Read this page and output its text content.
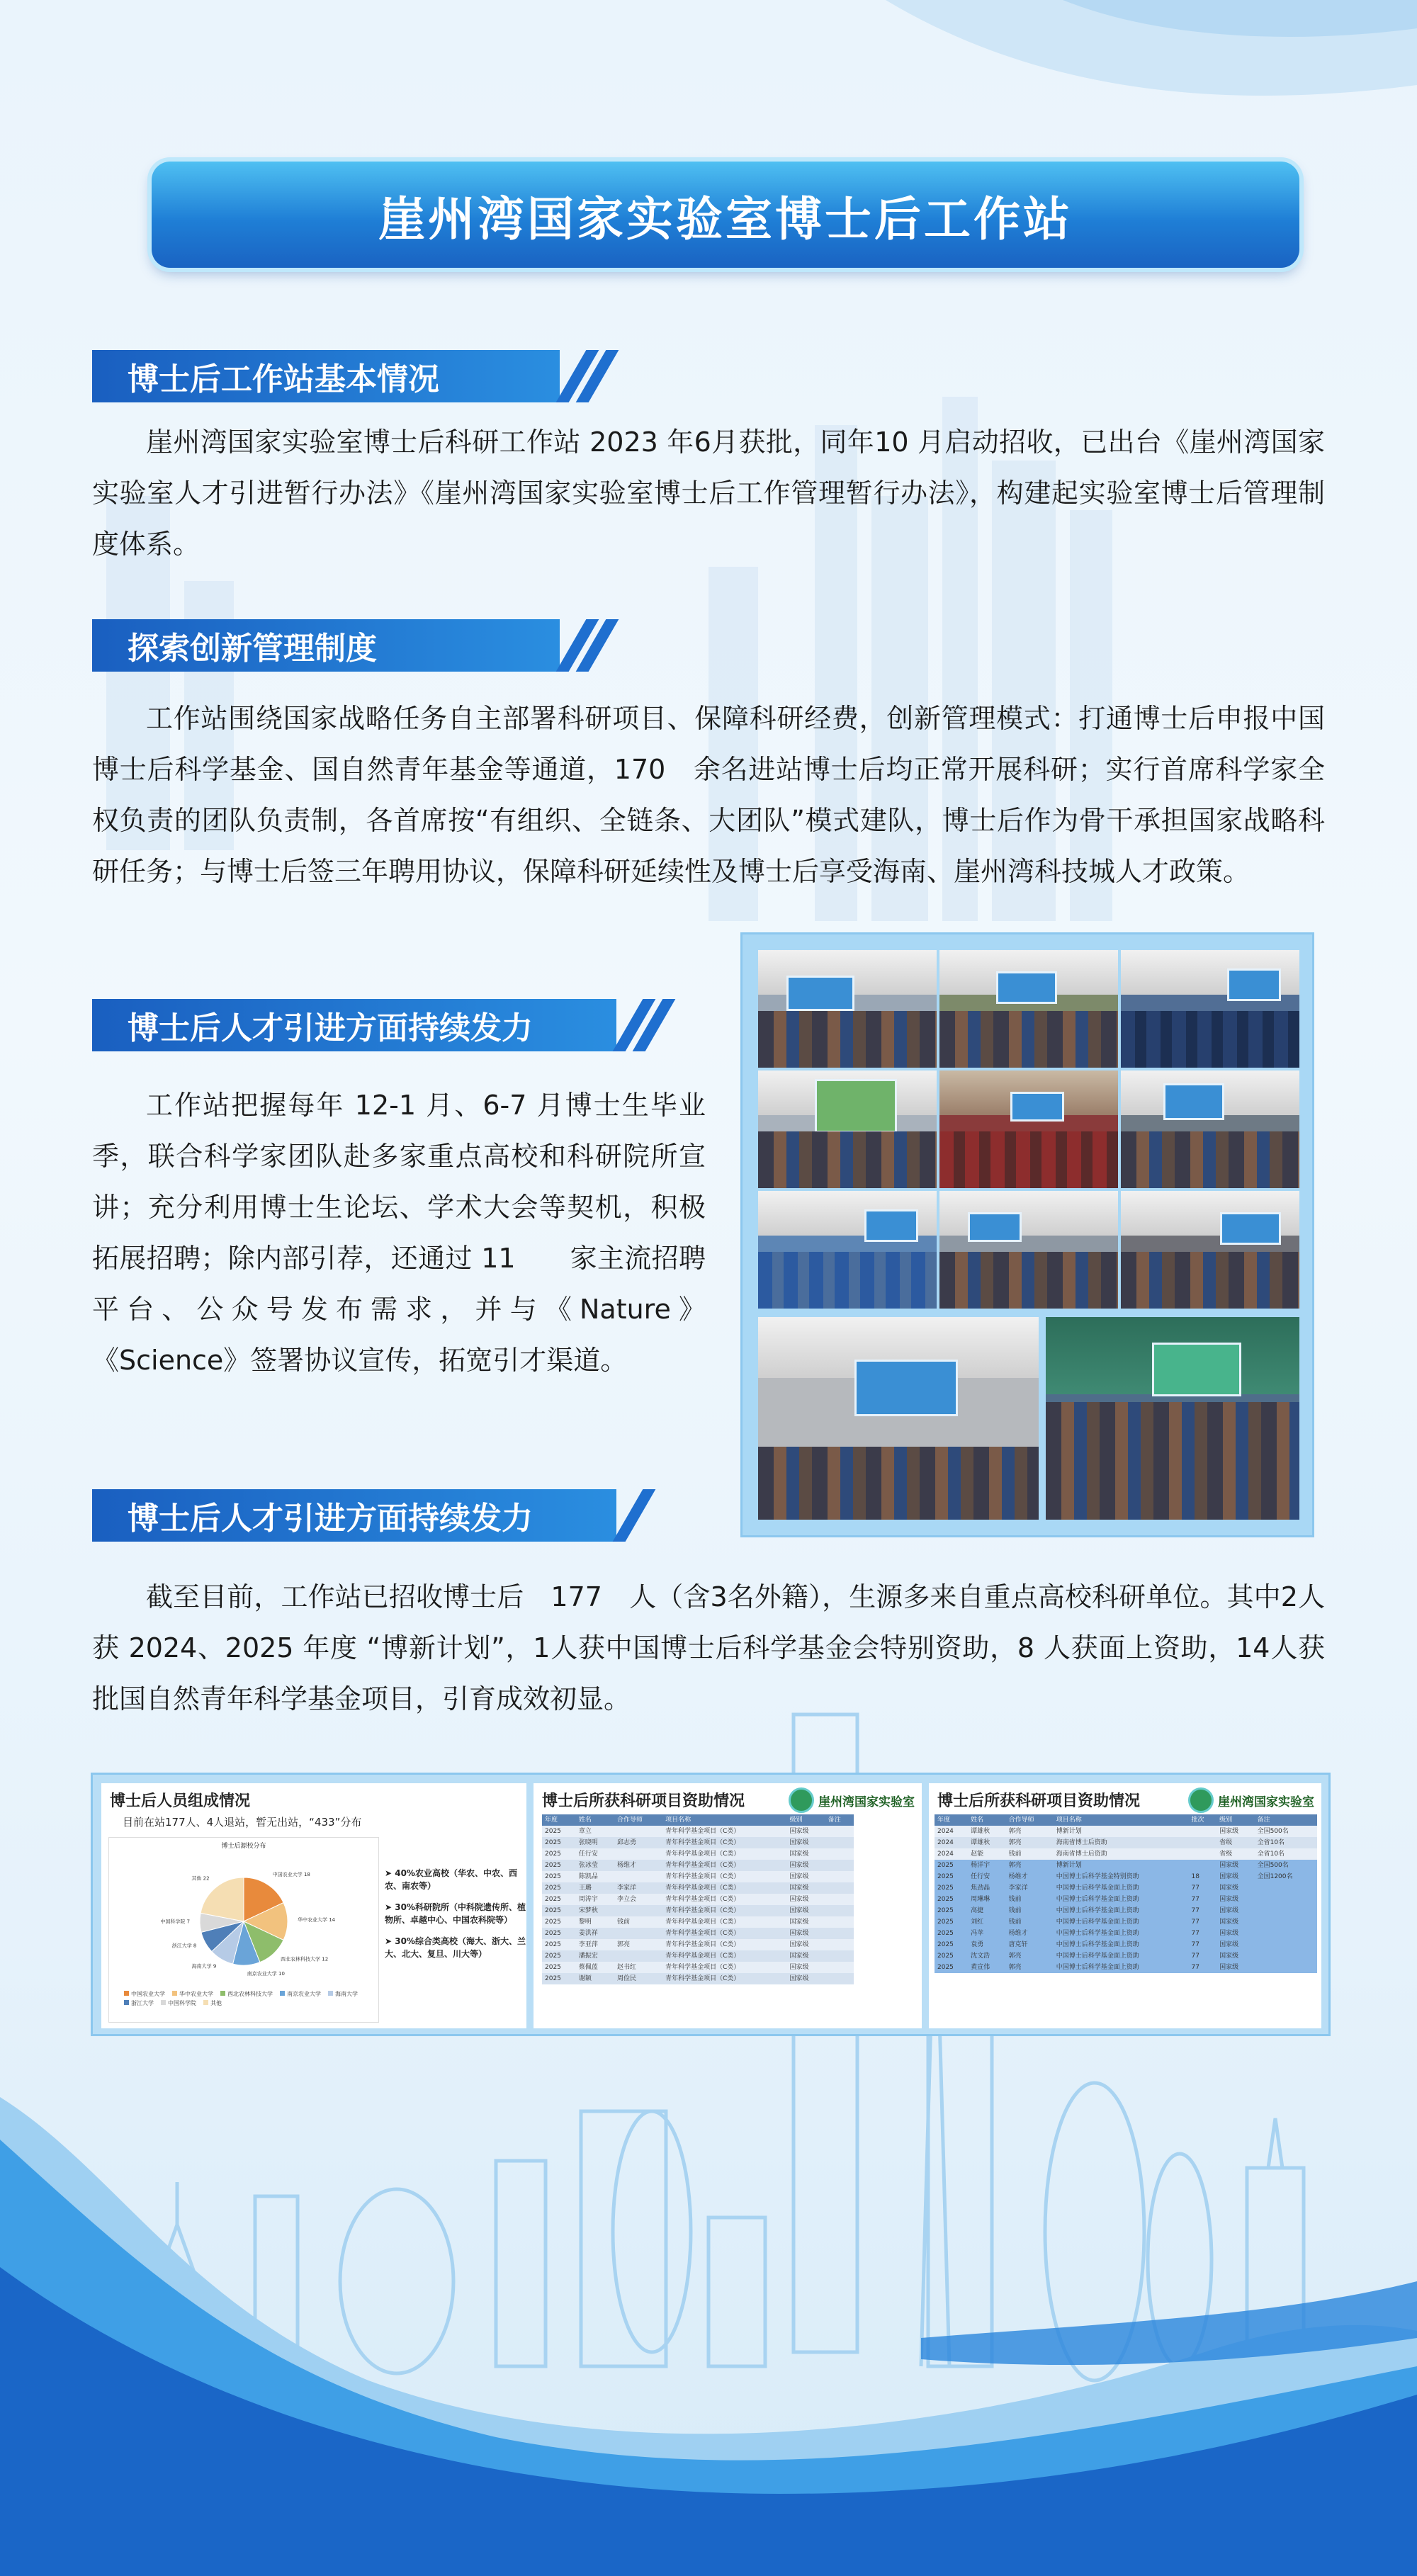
崖州湾国家实验室博士后工作站
博士后工作站基本情况

崖州湾国家实验室博士后科研工作站 2023 年6月获批，同年10 月启动招收，已出台《崖州湾国家实验室人才引进暂行办法》《崖州湾国家实验室博士后工作管理暂行办法》，构建起实验室博士后管理制度体系。

探索创新管理制度

工作站围绕国家战略任务自主部署科研项目、保障科研经费，创新管理模式：打通博士后申报中国博士后科学基金、国自然青年基金等通道，170　余名进站博士后均正常开展科研；实行首席科学家全权负责的团队负责制，各首席按“有组织、全链条、大团队”模式建队，博士后作为骨干承担国家战略科研任务；与博士后签三年聘用协议，保障科研延续性及博士后享受海南、崖州湾科技城人才政策。

博士后人才引进方面持续发力

工作站把握每年 12-1 月、6-7 月博士生毕业季，联合科学家团队赴多家重点高校和科研院所宣讲；充分利用博士生论坛、学术大会等契机，积极拓展招聘；除内部引荐，还通过 11　　家主流招聘平台、公众号发布需求，并与《Nature》《Science》签署协议宣传，拓宽引才渠道。

博士后人才引进方面持续发力

截至目前，工作站已招收博士后　177　人（含3名外籍），生源多来自重点高校科研单位。其中2人获 2024、2025 年度 “博新计划”，1人获中国博士后科学基金会特别资助，8 人获面上资助，14人获批国自然青年科学基金项目，引育成效初显。

博士后人员组成情况
目前在站177人、4人退站，暂无出站，“433”分布
博士后源校分布
中国农业大学 18
华中农业大学 14
西北农林科技大学 12
南京农业大学 10
海南大学 9
浙江大学 8
中国科学院 7
其他 22
中国农业大学	华中农业大学	西北农林科技大学	南京农业大学	海南大学
浙江大学	中国科学院	其他
➤ 40%农业高校（华农、中农、西农、南农等）
➤ 30%科研院所（中科院遗传所、植物所、卓越中心、中国农科院等）
➤ 30%综合类高校（海大、浙大、兰大、北大、复旦、川大等）
博士后所获科研项目资助情况	崖州湾国家实验室
年度	姓名	合作导师	项目名称	级别	备注
2025	章立		青年科学基金项目（C类）	国家级	
2025	张晓明	邱志勇	青年科学基金项目（C类）	国家级	
2025	任行安		青年科学基金项目（C类）	国家级	
2025	张冰莹	杨维才	青年科学基金项目（C类）	国家级	
2025	陈凯品		青年科学基金项目（C类）	国家级	
2025	王璐	李家洋	青年科学基金项目（C类）	国家级	
2025	周涛宇	李立会	青年科学基金项目（C类）	国家级	
2025	宋梦秋		青年科学基金项目（C类）	国家级	
2025	黎明	钱前	青年科学基金项目（C类）	国家级	
2025	姜洪祥		青年科学基金项目（C类）	国家级	
2025	李亚萍	郭亮	青年科学基金项目（C类）	国家级	
2025	潘振宏		青年科学基金项目（C类）	国家级	
2025	蔡佩蓝	赵书红	青年科学基金项目（C类）	国家级	
2025	谢颖	周俭民	青年科学基金项目（C类）	国家级	
博士后所获科研项目资助情况	崖州湾国家实验室
年度	姓名	合作导师	项目名称	批次	级别	备注
2024	谭雄秋	郭亮	博新计划		国家级	全国500名
2024	谭雄秋	郭亮	海南省博士后资助		省级	全省10名
2024	赵能	钱前	海南省博士后资助		省级	全省10名
2025	杨洋宇	郭亮	博新计划		国家级	全国500名
2025	任行安	杨维才	中国博士后科学基金特别资助	18	国家级	全国1200名
2025	焦劲晶	李家洋	中国博士后科学基金面上资助	77	国家级	
2025	周琳琳	钱前	中国博士后科学基金面上资助	77	国家级	
2025	高捷	钱前	中国博士后科学基金面上资助	77	国家级	
2025	刘红	钱前	中国博士后科学基金面上资助	77	国家级	
2025	冯苹	杨维才	中国博士后科学基金面上资助	77	国家级	
2025	袁勇	唐克轩	中国博士后科学基金面上资助	77	国家级	
2025	沈文浩	郭亮	中国博士后科学基金面上资助	77	国家级	
2025	黄宣伟	郭亮	中国博士后科学基金面上资助	77	国家级	
